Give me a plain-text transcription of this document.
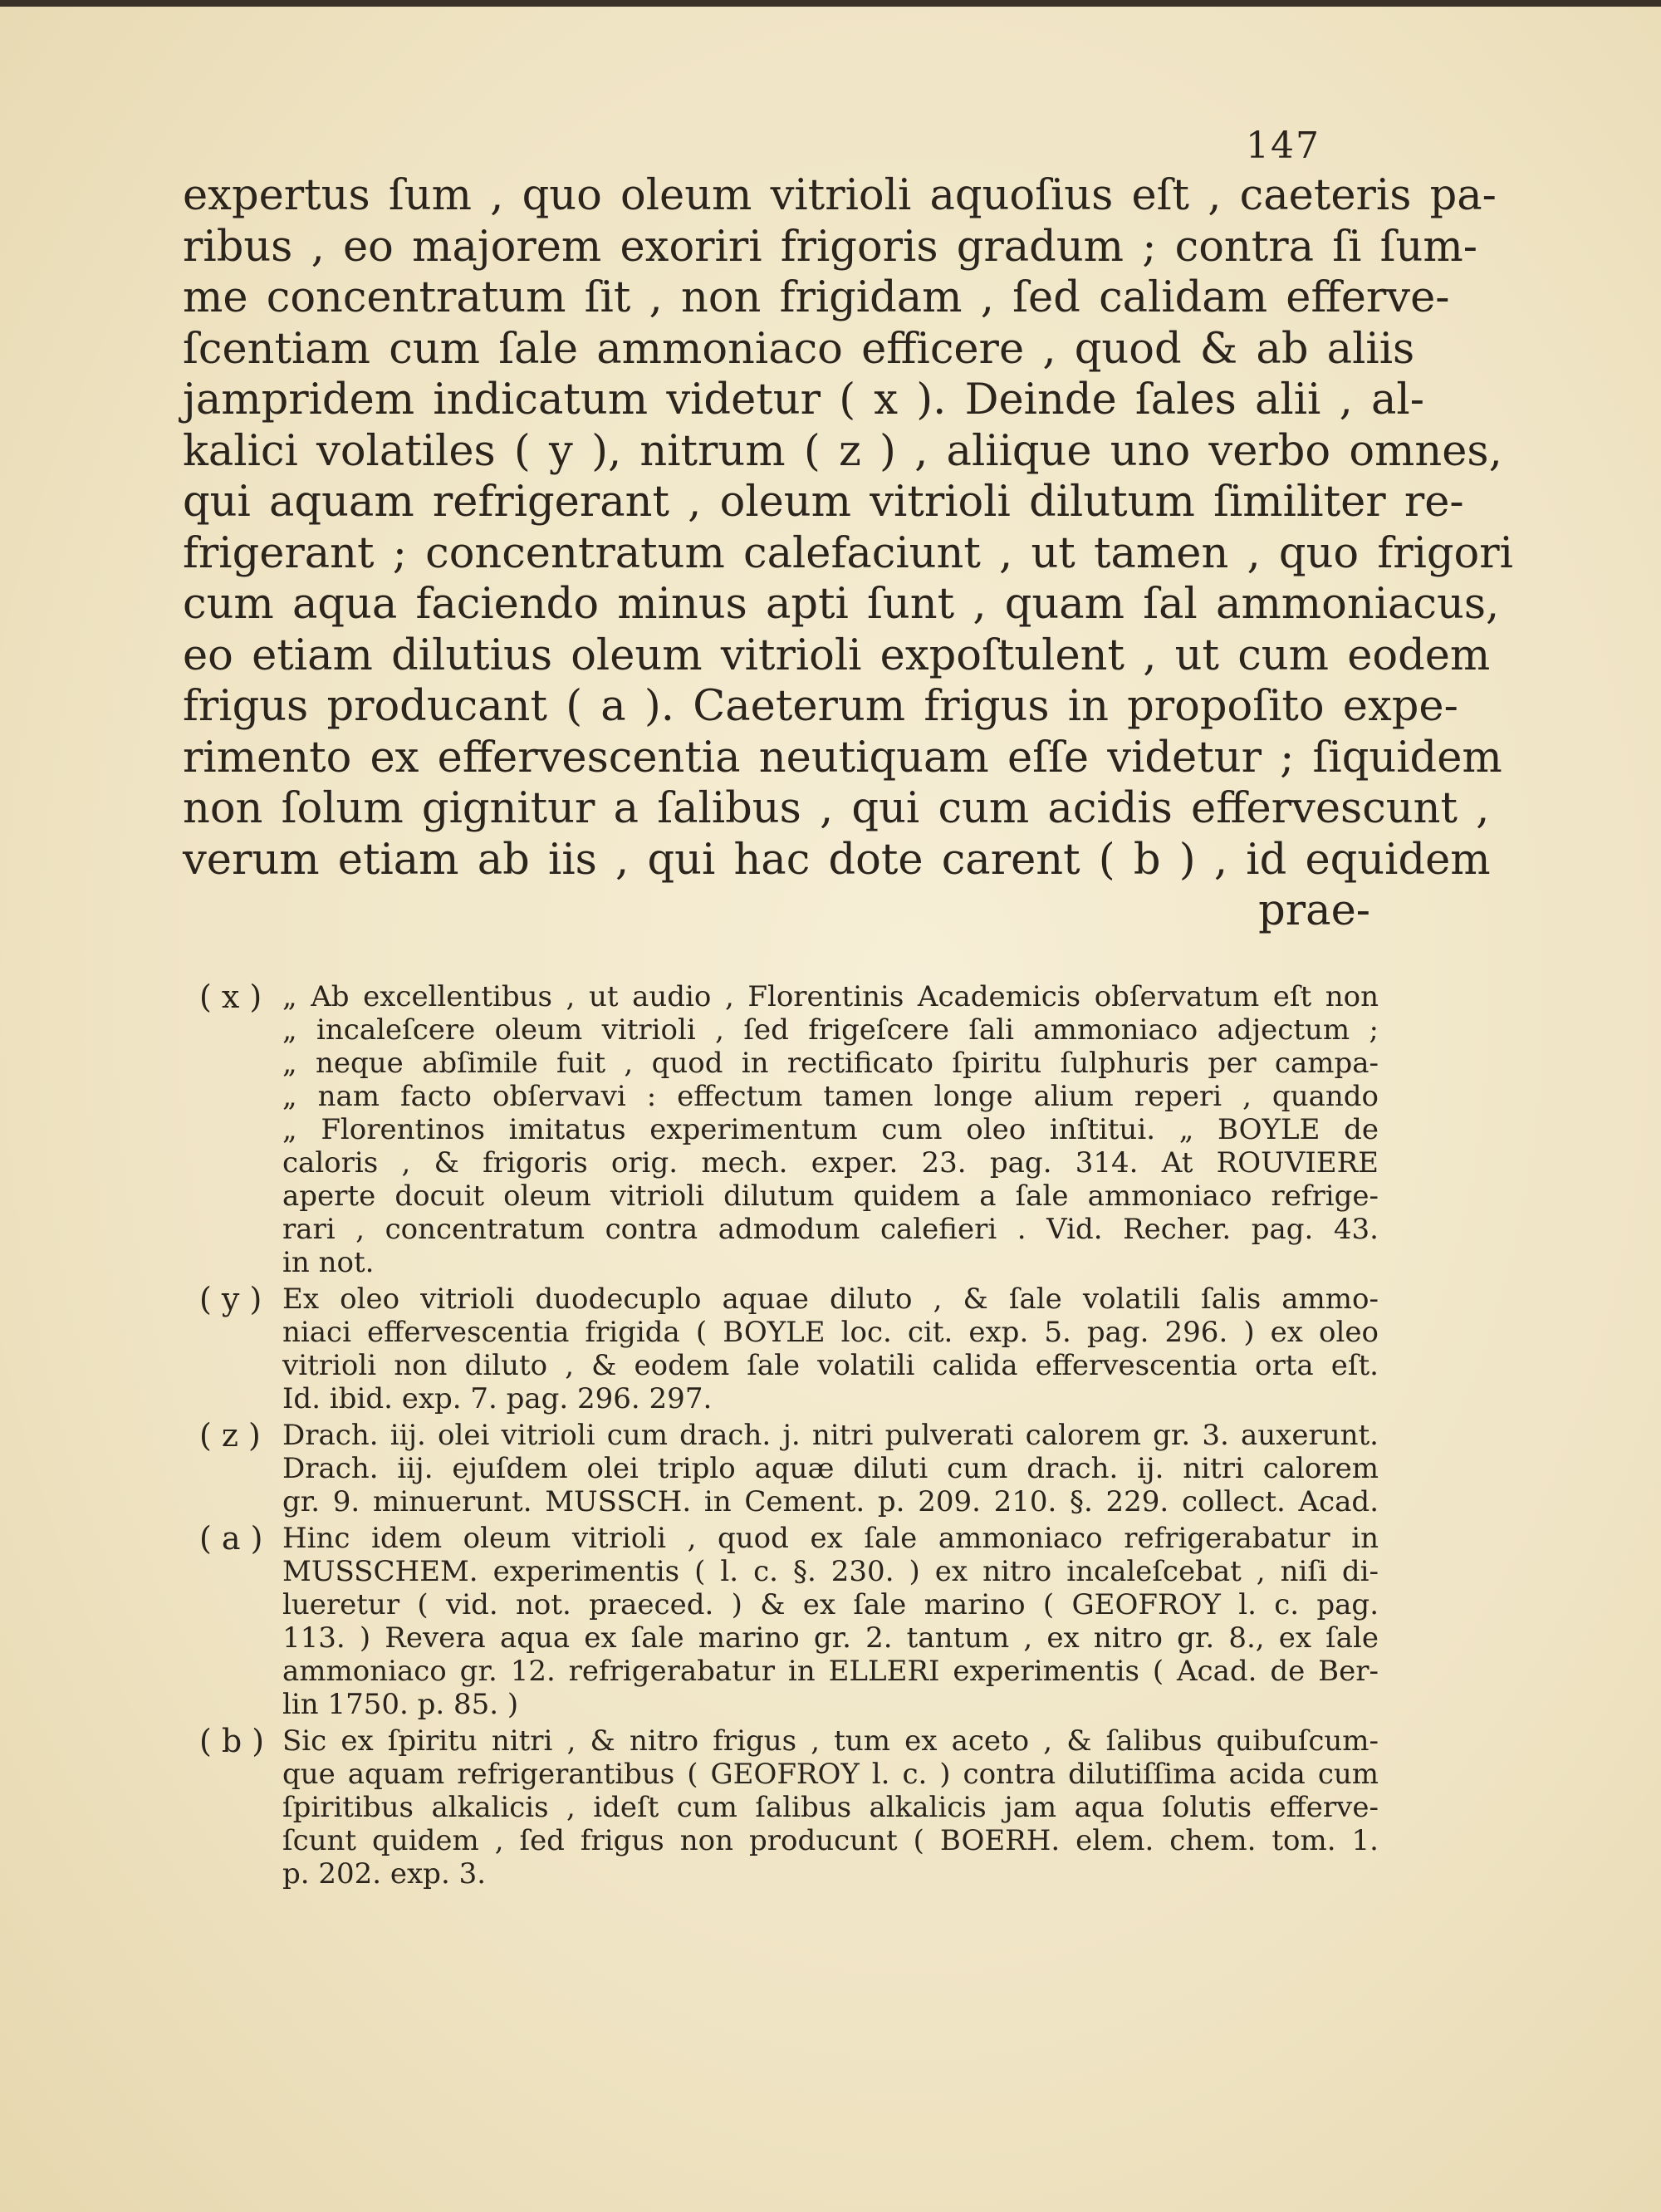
147
expertus ſum , quo oleum vitrioli aquoſius eſt , caeteris pa-
ribus , eo majorem exoriri frigoris gradum ; contra ſi ſum-
me concentratum ſit , non frigidam , ſed calidam efferve-
ſcentiam cum ſale ammoniaco efficere , quod & ab aliis
jampridem indicatum videtur ( x ). Deinde ſales alii , al-
kalici volatiles ( y ), nitrum ( z ) , aliique uno verbo omnes,
qui aquam refrigerant , oleum vitrioli dilutum ſimiliter re-
frigerant ; concentratum calefaciunt , ut tamen , quo frigori
cum aqua faciendo minus apti ſunt , quam ſal ammoniacus,
eo etiam dilutius oleum vitrioli expoſtulent , ut cum eodem
frigus producant ( a ). Caeterum frigus in propoſito expe-
rimento ex effervescentia neutiquam eſſe videtur ; ſiquidem
non ſolum gignitur a ſalibus , qui cum acidis effervescunt ,
verum etiam ab iis , qui hac dote carent ( b ) , id equidem
prae-
( x ) „ Ab excellentibus , ut audio , Florentinis Academicis obſervatum eſt non
„ incaleſcere oleum vitrioli , ſed frigeſcere ſali ammoniaco adjectum ;
„ neque abſimile fuit , quod in rectificato ſpiritu ſulphuris per campa-
„ nam facto obſervavi : effectum tamen longe alium reperi , quando
„ Florentinos imitatus experimentum cum oleo inſtitui. „ BOYLE de
caloris , & frigoris orig. mech. exper. 23. pag. 314. At ROUVIERE
aperte docuit oleum vitrioli dilutum quidem a ſale ammoniaco refrige-
rari , concentratum contra admodum calefieri . Vid. Recher. pag. 43.
in not.
( y ) Ex oleo vitrioli duodecuplo aquae diluto , & ſale volatili ſalis ammo-
niaci effervescentia frigida ( BOYLE loc. cit. exp. 5. pag. 296. ) ex oleo
vitrioli non diluto , & eodem ſale volatili calida effervescentia orta eſt.
Id. ibid. exp. 7. pag. 296. 297.
( z ) Drach. iij. olei vitrioli cum drach. j. nitri pulverati calorem gr. 3. auxerunt.
Drach. iij. ejuſdem olei triplo aquæ diluti cum drach. ij. nitri calorem
gr. 9. minuerunt. MUSSCH. in Cement. p. 209. 210. §. 229. collect. Acad.
( a ) Hinc idem oleum vitrioli , quod ex ſale ammoniaco refrigerabatur in
MUSSCHEM. experimentis ( l. c. §. 230. ) ex nitro incaleſcebat , niſi di-
lueretur ( vid. not. praeced. ) & ex ſale marino ( GEOFROY l. c. pag.
113. ) Revera aqua ex ſale marino gr. 2. tantum , ex nitro gr. 8., ex ſale
ammoniaco gr. 12. refrigerabatur in ELLERI experimentis ( Acad. de Ber-
lin 1750. p. 85. )
( b ) Sic ex ſpiritu nitri , & nitro frigus , tum ex aceto , & ſalibus quibuſcum-
que aquam refrigerantibus ( GEOFROY l. c. ) contra dilutiſſima acida cum
ſpiritibus alkalicis , ideſt cum ſalibus alkalicis jam aqua ſolutis efferve-
ſcunt quidem , ſed frigus non producunt ( BOERH. elem. chem. tom. 1.
p. 202. exp. 3.
